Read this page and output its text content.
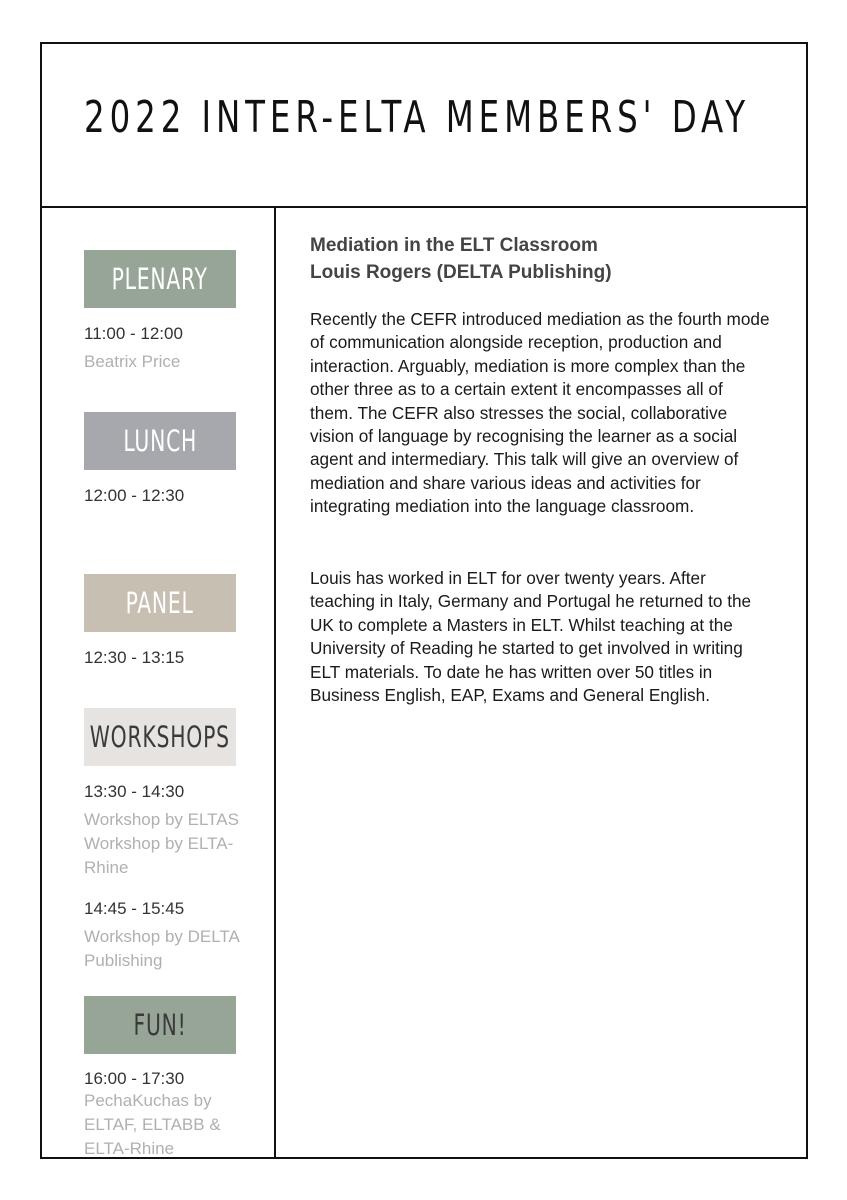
2022 INTER-ELTA MEMBERS' DAY
PLENARY
11:00 - 12:00
Beatrix Price
LUNCH
12:00 - 12:30
PANEL
12:30 - 13:15
WORKSHOPS
13:30 - 14:30
Workshop by ELTAS Workshop by ELTA-Rhine
14:45 - 15:45
Workshop by DELTA Publishing
FUN!
16:00 - 17:30
PechaKuchas by ELTAF, ELTABB & ELTA-Rhine
Mediation in the ELT Classroom
Louis Rogers (DELTA Publishing)

Recently the CEFR introduced mediation as the fourth mode of communication alongside reception, production and interaction. Arguably, mediation is more complex than the other three as to a certain extent it encompasses all of them. The CEFR also stresses the social, collaborative vision of language by recognising the learner as a social agent and intermediary. This talk will give an overview of mediation and share various ideas and activities for integrating mediation into the language classroom.

Louis has worked in ELT for over twenty years. After teaching in Italy, Germany and Portugal he returned to the UK to complete a Masters in ELT. Whilst teaching at the University of Reading he started to get involved in writing ELT materials. To date he has written over 50 titles in Business English, EAP, Exams and General English.
